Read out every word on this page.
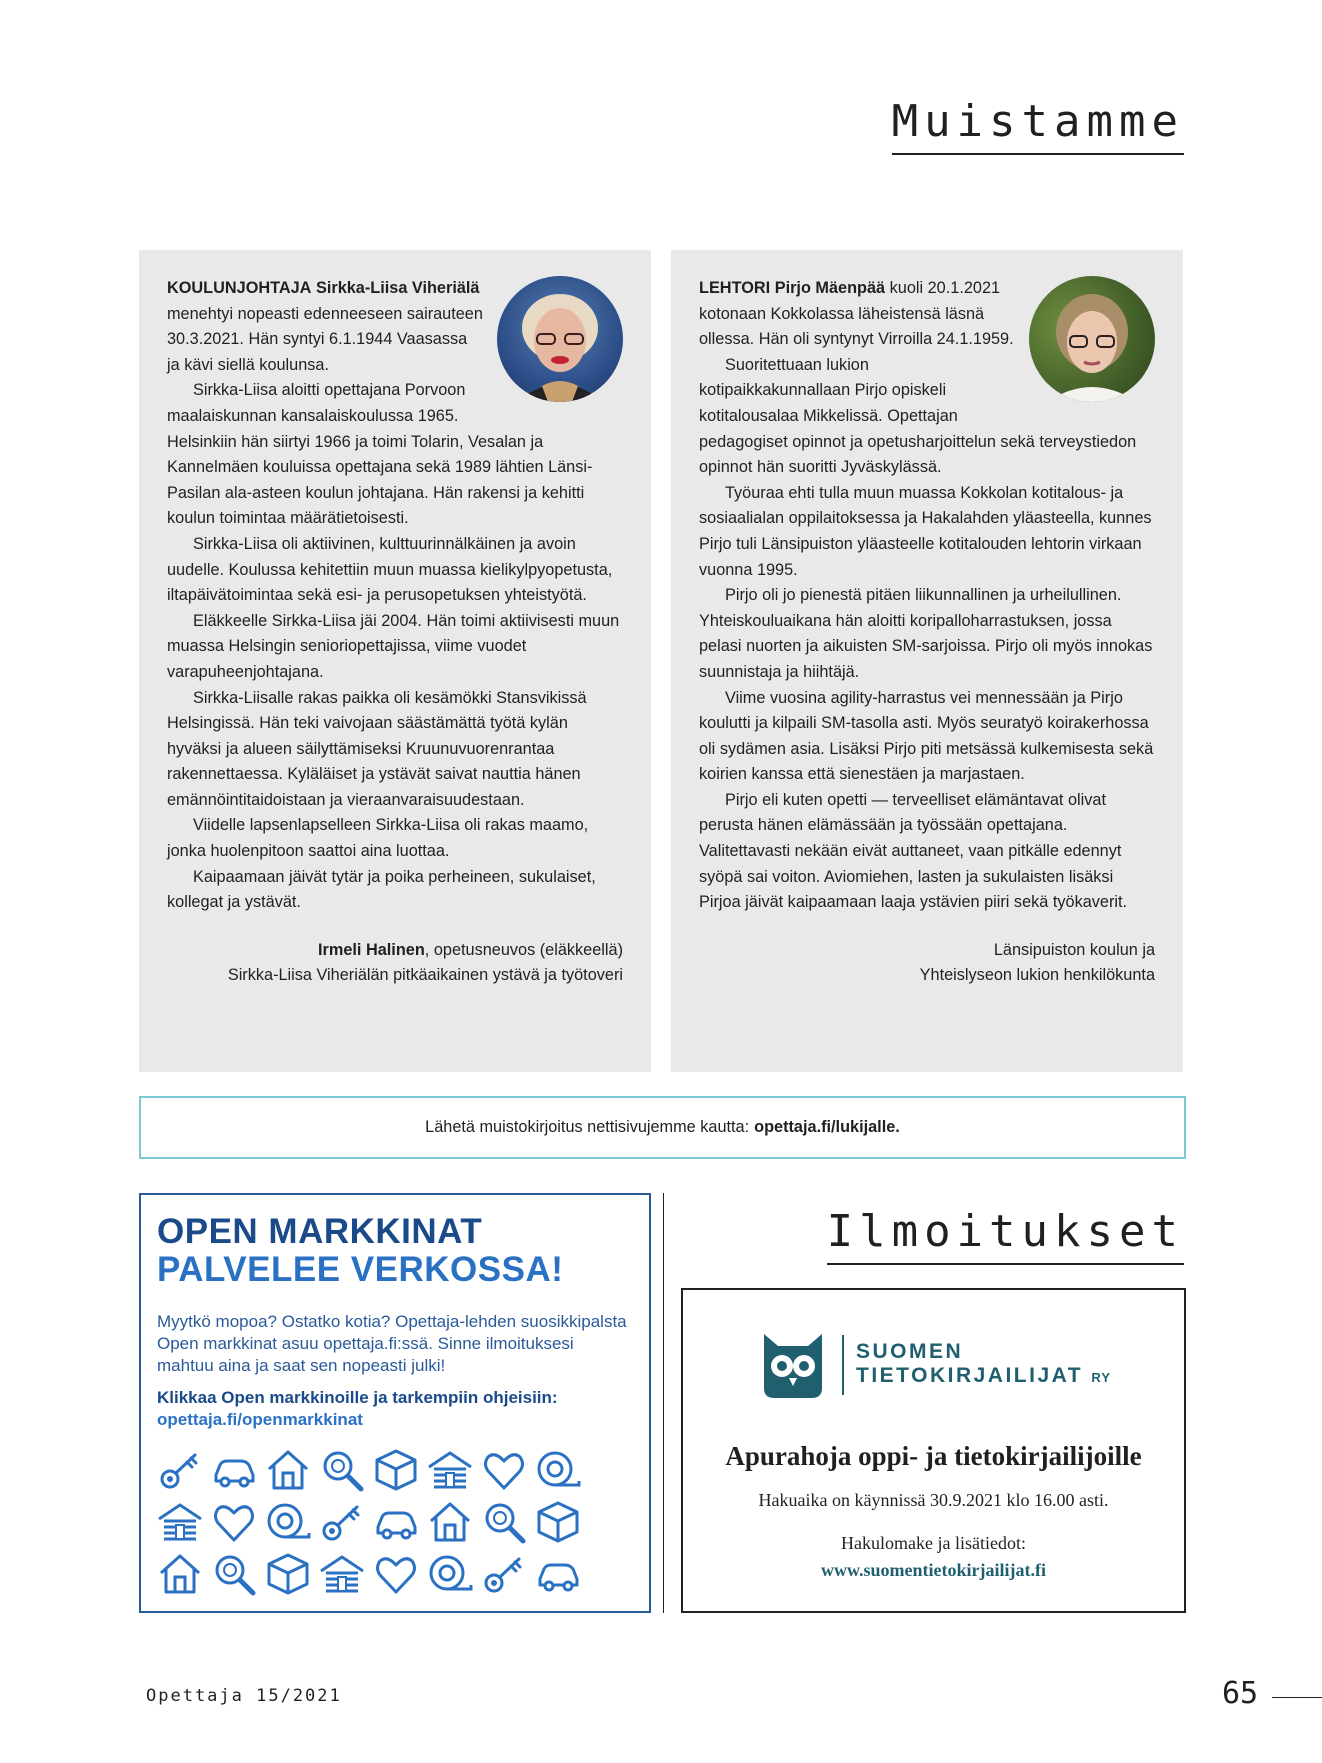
Muistamme

KOULUNJOHTAJA Sirkka-Liisa Viheriälä menehtyi nopeasti edenneeseen sairauteen 30.3.2021. Hän syntyi 6.1.1944 Vaasassa ja kävi siellä koulunsa.

Sirkka-Liisa aloitti opettajana Porvoon maalaiskunnan kansalaiskoulussa 1965. Helsinkiin hän siirtyi 1966 ja toimi Tolarin, Vesalan ja Kannelmäen kouluissa opettajana sekä 1989 lähtien Länsi-Pasilan ala-asteen koulun johtajana. Hän rakensi ja kehitti koulun toimintaa määrätietoisesti.

Sirkka-Liisa oli aktiivinen, kulttuurinnälkäinen ja avoin uudelle. Koulussa kehitettiin muun muassa kielikylpyopetusta, iltapäivätoimintaa sekä esi- ja perusopetuksen yhteistyötä.

Eläkkeelle Sirkka-Liisa jäi 2004. Hän toimi aktiivisesti muun muassa Helsingin senioriopettajissa, viime vuodet varapuheenjohtajana.

Sirkka-Liisalle rakas paikka oli kesämökki Stansvikissä Helsingissä. Hän teki vaivojaan säästämättä työtä kylän hyväksi ja alueen säilyttämiseksi Kruunuvuorenrantaa rakennettaessa. Kyläläiset ja ystävät saivat nauttia hänen emännöintitaidoistaan ja vieraanvaraisuudestaan.

Viidelle lapsenlapselleen Sirkka-Liisa oli rakas maamo, jonka huolenpitoon saattoi aina luottaa.

Kaipaamaan jäivät tytär ja poika perheineen, sukulaiset, kollegat ja ystävät.

Irmeli Halinen, opetusneuvos (eläkkeellä)
Sirkka-Liisa Viheriälän pitkäaikainen ystävä ja työtoveri

LEHTORI Pirjo Mäenpää kuoli 20.1.2021 kotonaan Kokkolassa läheistensä läsnä ollessa. Hän oli syntynyt Virroilla 24.1.1959.

Suoritettuaan lukion kotipaikkakunnallaan Pirjo opiskeli kotitalousalaa Mikkelissä. Opettajan pedagogiset opinnot ja opetusharjoittelun sekä terveystiedon opinnot hän suoritti Jyväskylässä.

Työuraa ehti tulla muun muassa Kokkolan kotitalous- ja sosiaalialan oppilaitoksessa ja Hakalahden yläasteella, kunnes Pirjo tuli Länsipuiston yläasteelle kotitalouden lehtorin virkaan vuonna 1995.

Pirjo oli jo pienestä pitäen liikunnallinen ja urheilullinen. Yhteiskouluaikana hän aloitti koripalloharrastuksen, jossa pelasi nuorten ja aikuisten SM-sarjoissa. Pirjo oli myös innokas suunnistaja ja hiihtäjä.

Viime vuosina agility-harrastus vei mennessään ja Pirjo koulutti ja kilpaili SM-tasolla asti. Myös seuratyö koirakerhossa oli sydämen asia. Lisäksi Pirjo piti metsässä kulkemisesta sekä koirien kanssa että sienestäen ja marjastaen.

Pirjo eli kuten opetti — terveelliset elämäntavat olivat perusta hänen elämässään ja työssään opettajana. Valitettavasti nekään eivät auttaneet, vaan pitkälle edennyt syöpä sai voiton. Aviomiehen, lasten ja sukulaisten lisäksi Pirjoa jäivät kaipaamaan laaja ystävien piiri sekä työkaverit.

Länsipuiston koulun ja
Yhteislyseon lukion henkilökunta
Lähetä muistokirjoitus nettisivujemme kautta: opettaja.fi/lukijalle.
OPEN MARKKINAT
PALVELEE VERKOSSA!
Myytkö mopoa? Ostatko kotia? Opettaja-lehden suosikkipalsta Open markkinat asuu opettaja.fi:ssä. Sinne ilmoituksesi mahtuu aina ja saat sen nopeasti julki!
Klikkaa Open markkinoille ja tarkempiin ohjeisiin:
opettaja.fi/openmarkkinat
Ilmoitukset
SUOMEN
TIETOKIRJAILIJAT RY
Apurahoja oppi- ja tietokirjailijoille
Hakuaika on käynnissä 30.9.2021 klo 16.00 asti.
Hakulomake ja lisätiedot:
www.suomentietokirjailijat.fi
Opettaja 15/2021	65
